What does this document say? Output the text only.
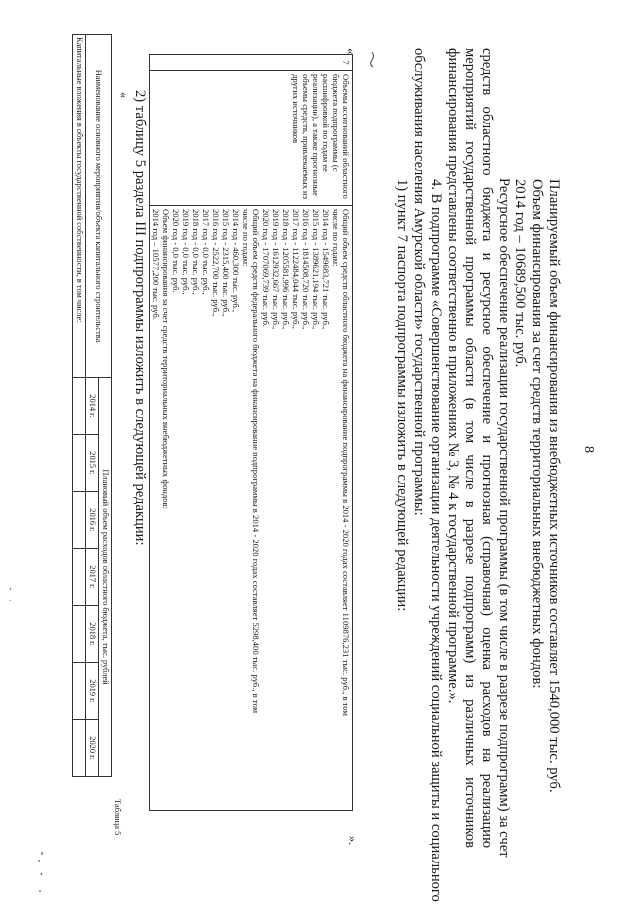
8
Планируемый объем финансирования из внебюджетных источников составляет 1540,000 тыс. руб.
Объем финансирования за счет средств территориальных внебюджетных фондов:
2014 год – 10689,500 тыс. руб.
Ресурсное обеспечение реализации государственной программы (в том числе в разрезе подпрограмм) за счет
средств областного бюджета и ресурсное обеспечение и прогнозная (справочная) оценка расходов на реализацию
мероприятий государственной программы области (в том числе в разрезе подпрограмм) из различных источников
финансирования представлены соответственно в приложениях № 3, № 4 к государственной программе.».
4. В подпрограмме «Совершенствование организации деятельности учреждений социальной защиты и социального
обслуживания населения Амурской области» государственной программы:
1) пункт 7 паспорта подпрограммы изложить в следующей редакции:
«
7	Объемы ассигнований областного бюджета подпрограммы (с расшифровкой по годам ее реализации), а также прогнозные объемы средств, привлекаемых из других источников	
Общий объем средств областного бюджета на финансирование подпрограммы в 2014 - 2020 годах составляет 1109876,231 тыс. руб., в том
числе по годам:
2014 год - 1549683,721 тыс. руб.,
2015 год - 1389621,194 тыс. руб.,
2016 год - 1814508,720 тыс. руб.,
2017 год - 1122484,044 тыс. руб.,
2018 год - 1205581,996 тыс. руб.,
2019 год - 1612932,667 тыс. руб.,
2020 год - 1707069,739 тыс. руб.
Общий объем средств федерального бюджета на финансирование подпрограммы в 2014 - 2020 годах составляет 5298,400 тыс. руб., в том
числе по годам:
2014 год - 460,300 тыс. руб.,
2015 год - 2315,400 тыс. руб.,
2016 год - 2522,700 тыс. руб.,
2017 год - 0,0 тыс. руб.,
2018 год - 0,0 тыс. руб.,
2019 год - 0,0 тыс. руб.,
2020 год - 0,0 тыс. руб.
Объем финансирования за счет средств территориальных внебюджетных фондов:
2014 год – 10577,200 тыс. руб.
».
2) таблицу 5 раздела III подпрограммы изложить в следующей редакции:
«
Таблица 5
Наименование основного мероприятия/объекта капитального строительства	Плановый объем расходов областного бюджета, тыс. рублей						
	2014 г.	2015 г.	2016 г.	2017 г.	2018 г.	2019 г.	2020 г.
Капитальные вложения в объекты государственной собственности, в том числе:							
